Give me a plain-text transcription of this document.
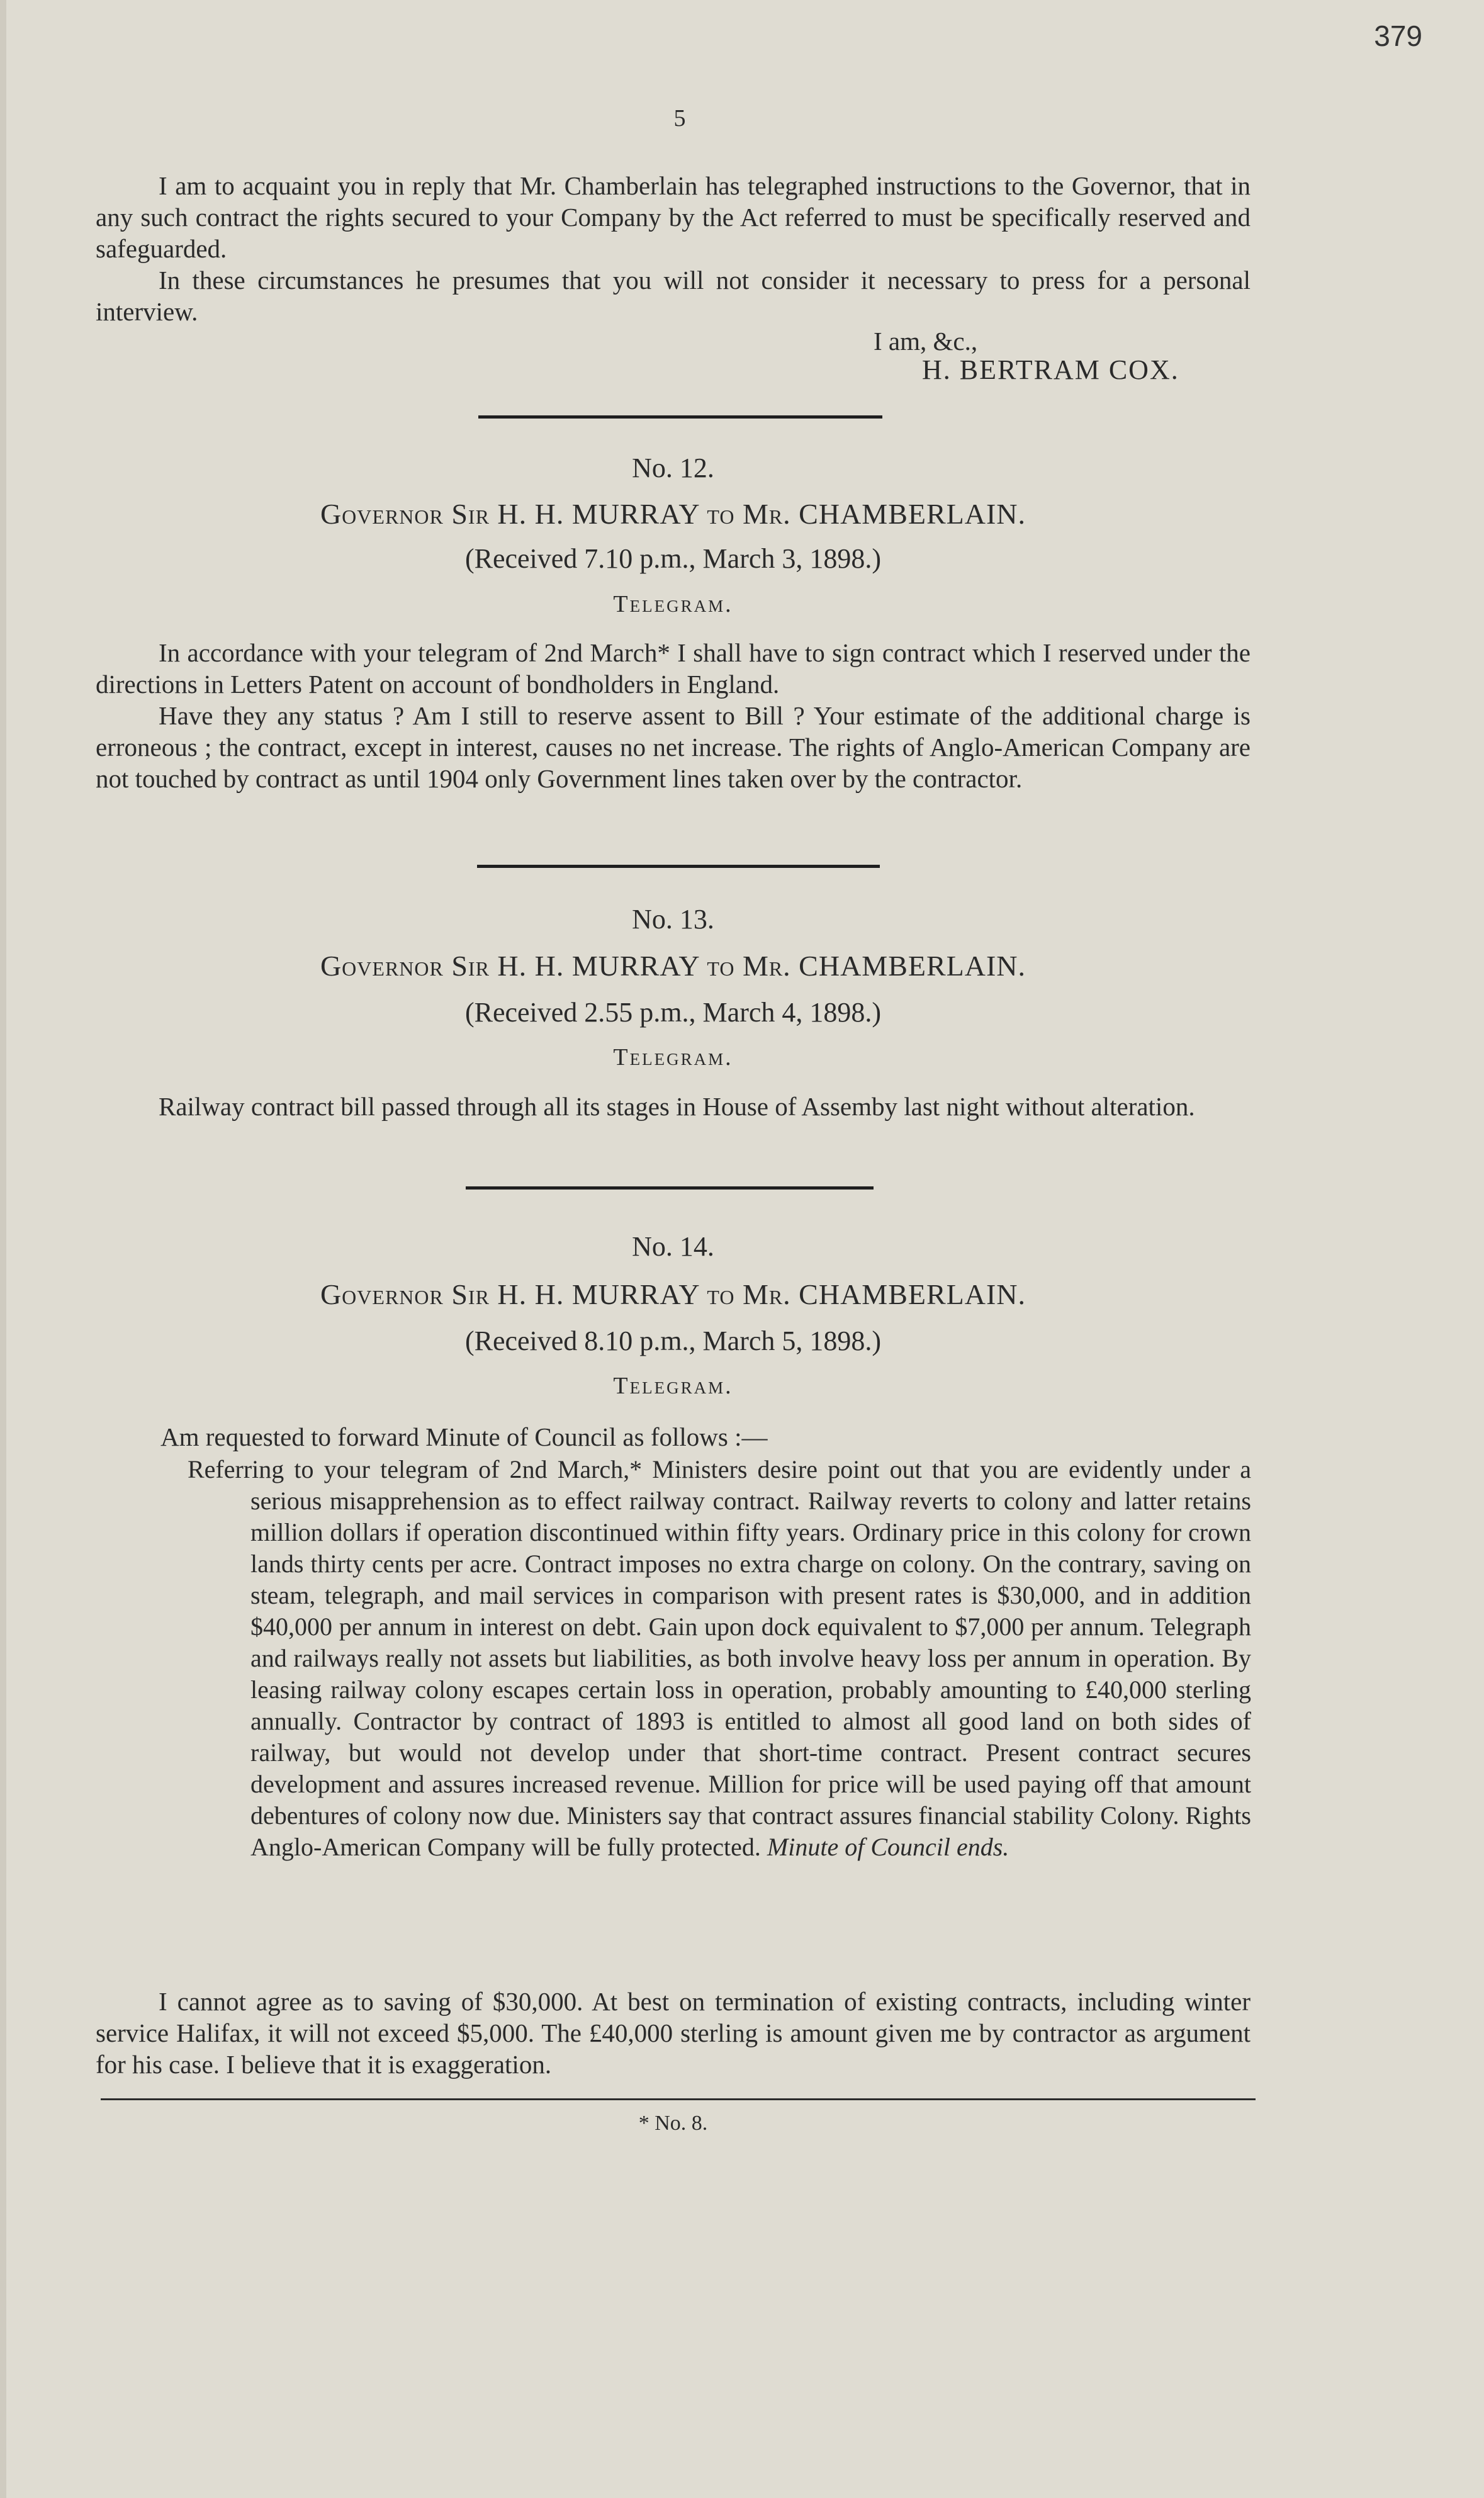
379
5
I am to acquaint you in reply that Mr. Chamberlain has telegraphed instructions to the Governor, that in any such contract the rights secured to your Company by the Act referred to must be specifically reserved and safeguarded.
In these circumstances he presumes that you will not consider it necessary to press for a personal interview.
I am, &c.,
H. BERTRAM COX.
No. 12.
Governor Sir H. H. MURRAY to Mr. CHAMBERLAIN.
(Received 7.10 p.m., March 3, 1898.)
Telegram.
In accordance with your telegram of 2nd March* I shall have to sign contract which I reserved under the directions in Letters Patent on account of bondholders in England.
Have they any status ? Am I still to reserve assent to Bill ? Your estimate of the additional charge is erroneous ; the contract, except in interest, causes no net increase. The rights of Anglo-American Company are not touched by contract as until 1904 only Government lines taken over by the contractor.
No. 13.
Governor Sir H. H. MURRAY to Mr. CHAMBERLAIN.
(Received 2.55 p.m., March 4, 1898.)
Telegram.
Railway contract bill passed through all its stages in House of Assemby last night without alteration.
No. 14.
Governor Sir H. H. MURRAY to Mr. CHAMBERLAIN.
(Received 8.10 p.m., March 5, 1898.)
Telegram.
Am requested to forward Minute of Council as follows :—
Referring to your telegram of 2nd March,* Ministers desire point out that you are evidently under a serious misapprehension as to effect railway contract. Railway reverts to colony and latter retains million dollars if operation discontinued within fifty years. Ordinary price in this colony for crown lands thirty cents per acre. Contract imposes no extra charge on colony. On the contrary, saving on steam, telegraph, and mail services in comparison with present rates is $30,000, and in addition $40,000 per annum in interest on debt. Gain upon dock equivalent to $7,000 per annum. Telegraph and railways really not assets but liabilities, as both involve heavy loss per annum in operation. By leasing railway colony escapes certain loss in operation, probably amounting to £40,000 sterling annually. Contractor by contract of 1893 is entitled to almost all good land on both sides of railway, but would not develop under that short-time contract. Present contract secures development and assures increased revenue. Million for price will be used paying off that amount debentures of colony now due. Ministers say that contract assures financial stability Colony. Rights Anglo-American Company will be fully protected. Minute of Council ends.
I cannot agree as to saving of $30,000. At best on termination of existing contracts, including winter service Halifax, it will not exceed $5,000. The £40,000 sterling is amount given me by contractor as argument for his case. I believe that it is exaggeration.
* No. 8.
